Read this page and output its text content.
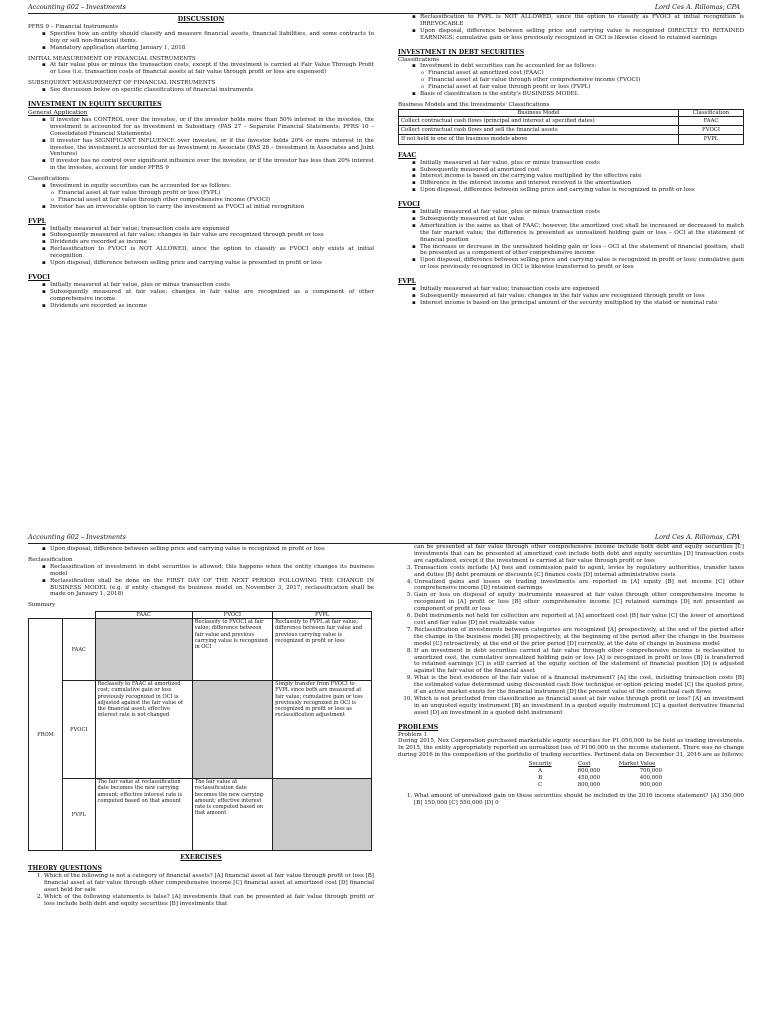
Accounting 602 – Investments	Lord Ces A. Rillomas, CPA
DISCUSSION

PFRS 9 – Financial Instruments

▪ Specifies how an entity should classify and measure financial assets, financial liabilities, and some contracts to buy or sell non-financial items.
▪ Mandatory application starting January 1, 2018

INITIAL MEASUREMENT OF FINANCIAL INSTRUMENTS

▪ At fair value plus or minus the transaction costs, except if the investment is carried at Fair Value Through Profit or Loss (i.e. transaction costs of financial assets at fair value through profit or loss are expensed)

SUBSEQUENT MEASUREMENT OF FINANCIAL INSTRUMENTS

▪ See discussion below on specific classifications of financial instruments
INVESTMENT IN EQUITY SECURITIES
General Application
▪ If investor has CONTROL over the investee, or if the investor holds more than 50% interest in the investee, the investment is accounted for as Investment in Subsidiary (PAS 27 – Separate Financial Statements; PFRS 10 – Consolidated Financial Statements)
▪ If investor has SIGNIFICANT INFLUENCE over investee, or if the investor holds 20% or more interest in the investee, the investment is accounted for as Investment in Associate (PAS 28 – Investment in Associates and Joint Ventures)
▪ If investor has no control over significant influence over the investee, or if the investor has less than 20% interest in the investee, account for under PFRS 9

Classifications

▪ Investment in equity securities can be accounted for as follows:
o Financial asset at fair value through profit or loss (FVPL)
o Financial asset at fair value through other comprehensive income (FVOCI)
▪ Investor has an irrevocable option to carry the investment as FVOCI at initial recognition
FVPL
▪ Initially measured at fair value; transaction costs are expensed
▪ Subsequently measured at fair value; changes in fair value are recognized through profit or loss
▪ Dividends are recorded as income
▪ Reclassification to FVOCI is NOT ALLOWED, since the option to classify as FVOCI only exists at initial recognition
▪ Upon disposal, difference between selling price and carrying value is presented in profit or loss
FVOCI
▪ Initially measured at fair value, plus or minus transaction costs
▪ Subsequently measured at fair value; changes in fair value are recognized as a component of other comprehensive income
▪ Dividends are recorded as income
▪ Reclassification to FVPL is NOT ALLOWED, since the option to classify as FVOCI at initial recognition is IRREVOCABLE
▪ Upon disposal, difference between selling price and carrying value is recognized DIRECTLY TO RETAINED EARNINGS; cumulative gain or loss previously recognized in OCI is likewise closed to retained earnings
INVESTMENT IN DEBT SECURITIES

Classifications

▪ Investment in debt securities can be accounted for as follows:
o Financial asset at amortized cost (FAAC)
o Financial asset at fair value through other comprehensive income (FVOCI)
o Financial asset at fair value through profit or loss (FVPL)
▪ Basis of classification is the entity's BUSINESS MODEL

Business Models and the Investments' Classifications

Business Model	Classification
Collect contractual cash flows (principal and interest at specified dates)	FAAC
Collect contractual cash flows and sell the financial assets	FVOCI
If not held in one of the business models above	FVPL
FAAC
▪ Initially measured at fair value, plus or minus transaction costs
▪ Subsequently measured at amortized cost
▪ Interest income is based on the carrying value multiplied by the effective rate
▪ Difference in the interest income and interest received is the amortization
▪ Upon disposal, difference between selling price and carrying value is recognized in profit or loss
FVOCI
▪ Initially measured at fair value, plus or minus transaction costs
▪ Subsequently measured at fair value
▪ Amortization is the same as that of FAAC; however, the amortized cost shall be increased or decreased to match the fair market value; the difference is presented as unrealized holding gain or loss – OCI at the statement of financial position
▪ The increase or decrease in the unrealized holding gain or loss – OCI at the statement of financial position, shall be presented as a component of other comprehensive income
▪ Upon disposal, difference between selling price and carrying value is recognized in profit or loss; cumulative gain or loss previously recognized in OCI is likewise transferred to profit or loss
FVPL
▪ Initially measured at fair value; transaction costs are expensed
▪ Subsequently measured at fair value; changes in the fair value are recognized through profit or loss
▪ Interest income is based on the principal amount of the security multiplied by the stated or nominal rate
Accounting 602 – Investments	Lord Ces A. Rillomas, CPA
▪ Upon disposal, difference between selling price and carrying value is recognized in profit or loss

Reclassification

▪ Reclassification of investment in debt securities is allowed; this happens when the entity changes its business model
▪ Reclassification shall be done on the FIRST DAY OF THE NEXT PERIOD FOLLOWING THE CHANGE IN BUSINESS MODEL (e.g. if entity changed its business model on November 3, 2017, reclassification shall be made on January 1, 2018)

Summary

		FAAC	FVOCI	FVPL
FROM	FAAC		Reclassify to FVOCI at fair value; difference between fair value and previous carrying value is recognized in OCI	Reclassify to FVPL at fair value; difference between fair value and previous carrying value is recognized in profit or loss
	FVOCI	Reclassify to FAAC at amortized cost; cumulative gain or loss previously recognized in OCI is adjusted against the fair value of the financial asset; effective interest rate is not changed		Simply transfer from FVOCI to FVPL since both are measured at fair value; cumulative gain or loss previously recognized in OCI is recognized in profit or loss as reclassification adjustment
	FVPL	The fair value at reclassification date becomes the new carrying amount; effective interest rate is computed based on that amount	The fair value at reclassification date becomes the new carrying amount; effective interest rate is computed based on that amount	
EXERCISES
THEORY QUESTIONS
1. Which of the following is not a category of financial assets? [A] financial asset at fair value through profit or loss [B] financial asset at fair value through other comprehensive income [C] financial asset at amortized cost [D] financial asset held for sale
2. Which of the following statements is false? [A] investments that can be presented at fair value through profit or loss include both debt and equity securities [B] investments that

can be presented at fair value through other comprehensive income include both debt and equity securities [C] investments that can be presented at amortized cost include both debt and equity securities [D] transaction costs are capitalized, except if the investment is carried at fair value through profit or loss

3. Transaction costs include [A] fees and commission paid to agent, levies by regulatory authorities, transfer taxes and duties [B] debt premium or discounts [C] finance costs [D] internal administrative costs
4. Unrealized gains and losses on trading investments are reported in [A] equity [B] net income [C] other comprehensive income [D] retained earnings
5. Gain or loss on disposal of equity instruments measured at fair value through other comprehensive income is recognized in [A] profit or loss [B] other comprehensive income [C] retained earnings [D] not presented as component of profit or loss
6. Debt instruments not held for collection are reported at [A] amortized cost [B] fair value [C] the lower of amortized cost and fair value [D] net realizable value
7. Reclassification of investments between categories are recognized [A] prospectively, at the end of the period after the change in the business model [B] prospectively, at the beginning of the period after the change in the business model [C] retroactively, at the end of the prior period [D] currently, at the date of change in business model
8. If an investment in debt securities carried at fair value through other comprehensive income is reclassified to amortized cost, the cumulative unrealized holding gain or loss [A] is recognized in profit or loss [B] is transferred to retained earnings [C] is still carried at the equity section of the statement of financial position [D] is adjusted against the fair value of the financial asset
9. What is the best evidence of the fair value of a financial instrument? [A] the cost, including transaction costs [B] the estimated value determined using discounted cash flow technique or option pricing model [C] the quoted price, if an active market exists for the financial instrument [D] the present value of the contractual cash flows
10. Which is not precluded from classification as financial asset at fair value through profit or loss? [A] an investment in an unquoted equity instrument [B] an investment in a quoted equity instrument [C] a quoted derivative financial asset [D] an investment in a quoted debt instrument
PROBLEMS

Problem 1

During 2015, Nex Corporation purchased marketable equity securities for P1,050,000 to be held as trading investments. In 2015, the entity appropriately reported an unrealized loss of P100,000 in the income statement. There was no change during 2016 in the composition of the portfolio of trading securities. Pertinent data on December 31, 2016 are as follows:

Security	Cost	Market Value
A	600,000	700,000
B	450,000	400,000
C	800,000	900,000
1. What amount of unrealized gain on these securities should be included in the 2016 income statement? [A] 350,000 [B] 150,000 [C] 550,000 [D] 0
